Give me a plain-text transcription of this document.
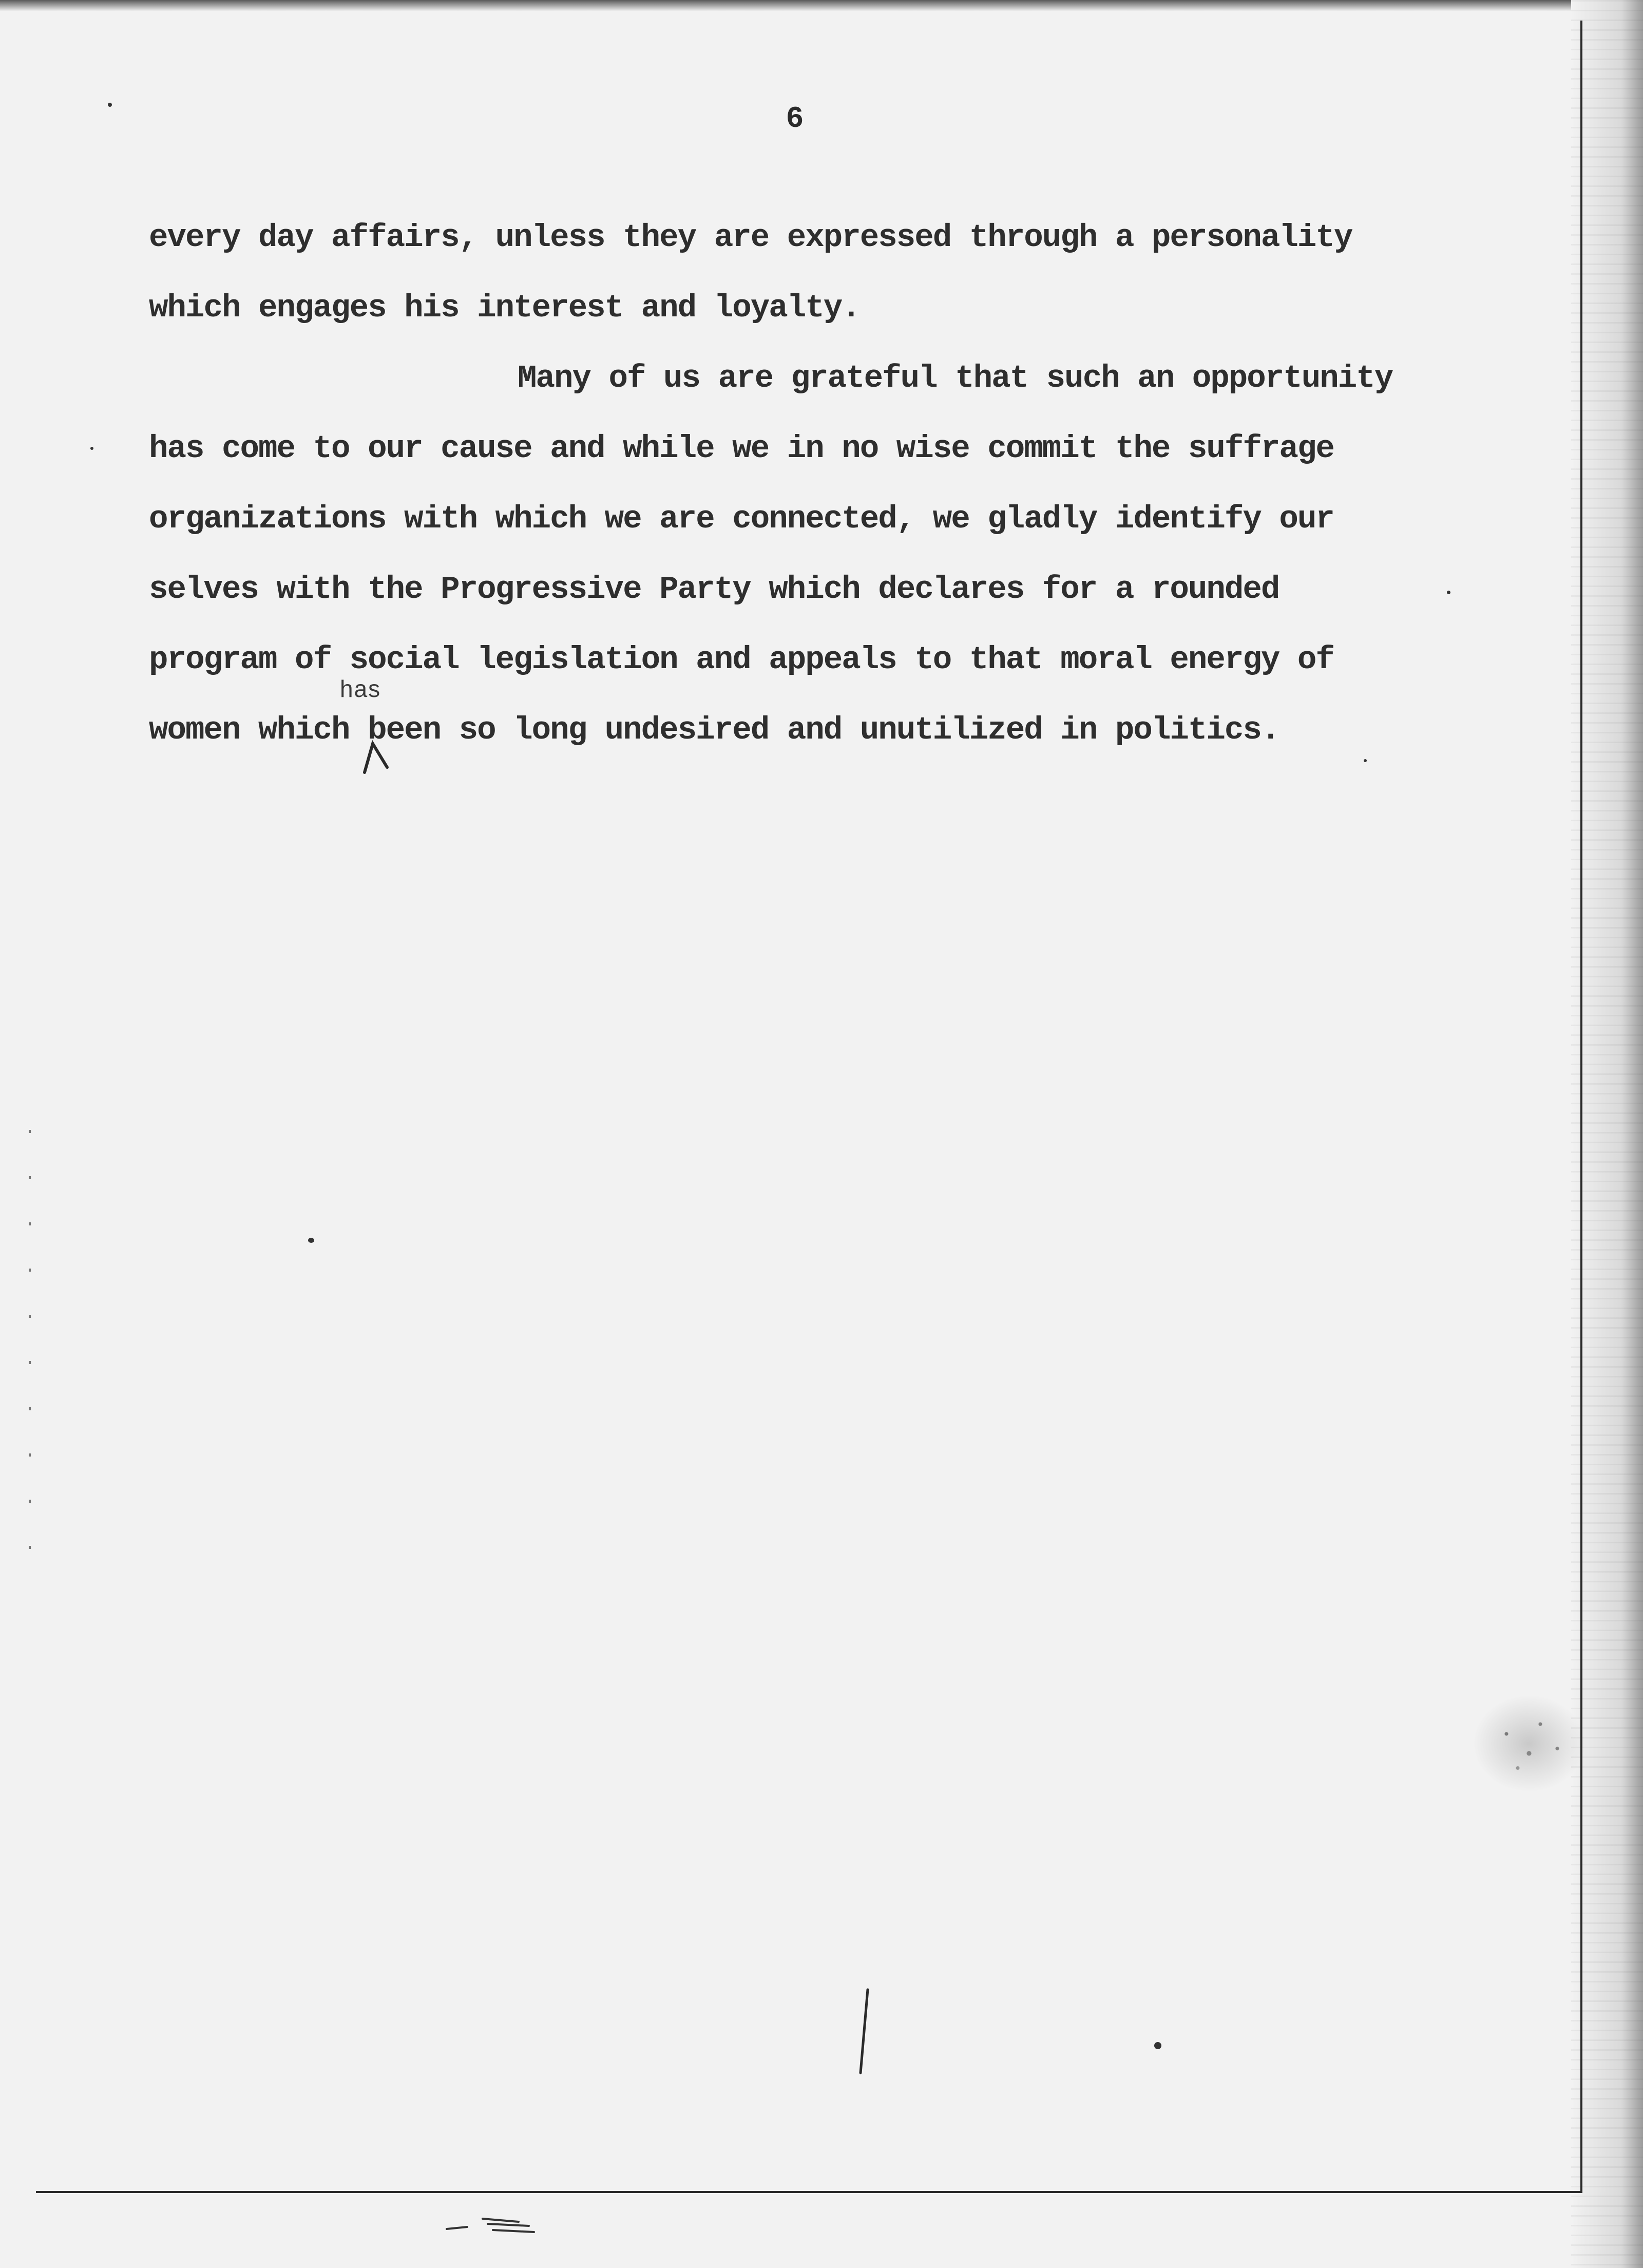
6
every day affairs, unless they are expressed through a personality
which engages his interest and loyalty.
Many of us are grateful that such an opportunity
has come to our cause and while we in no wise commit the suffrage
organizations with which we are connected, we gladly identify our
selves with the Progressive Party which declares for a rounded
program of social legislation and appeals to that moral energy of
women which been so long undesired and unutilized in politics.
has
